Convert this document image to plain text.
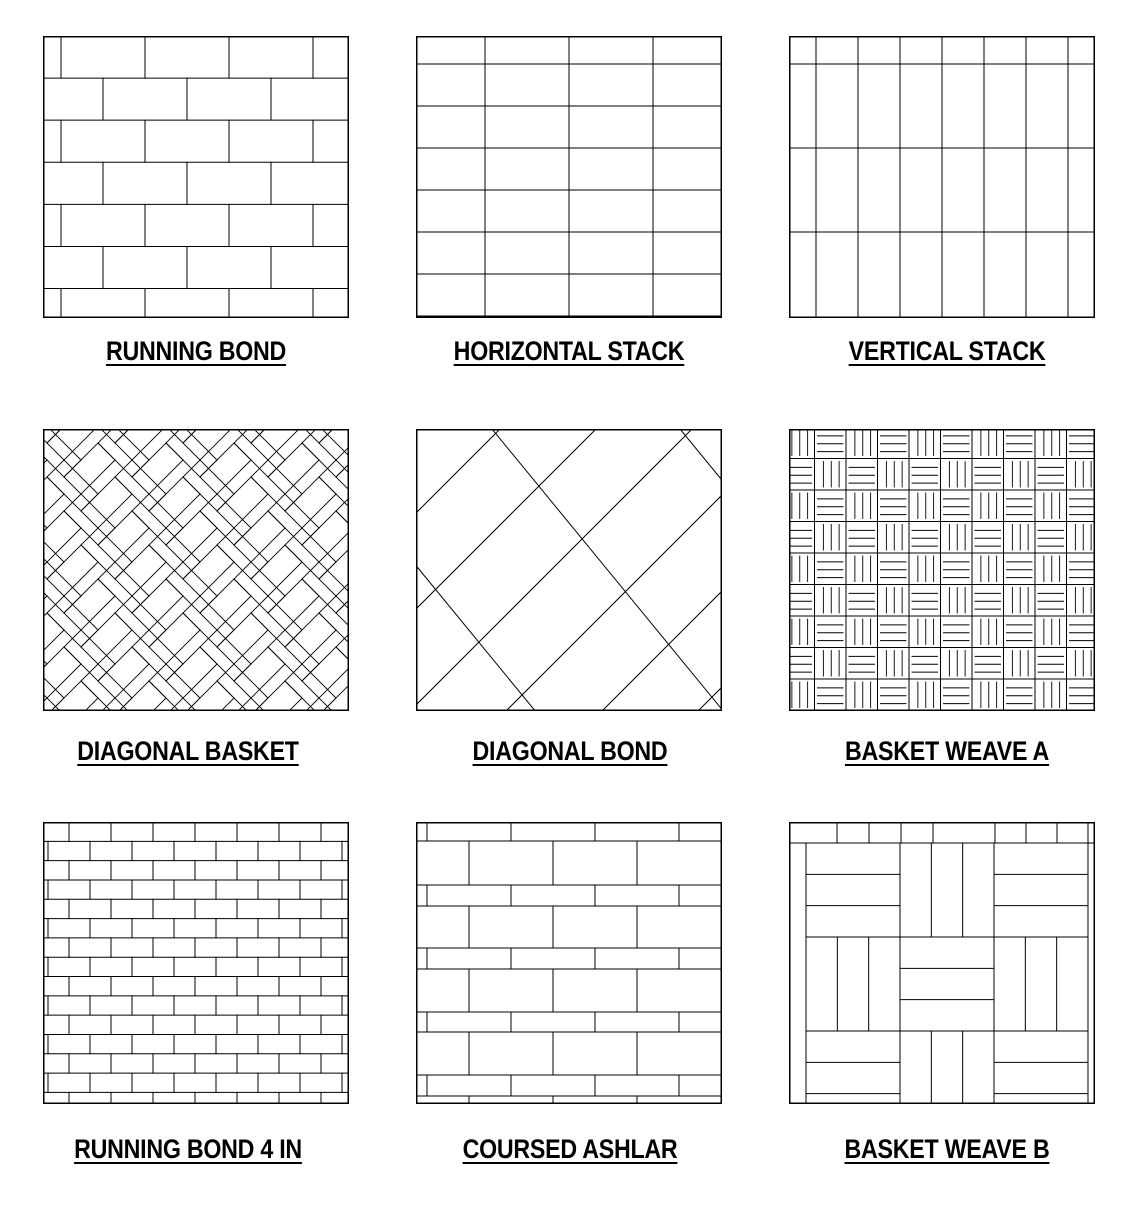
RUNNING BOND	HORIZONTAL STACK	VERTICAL STACK
DIAGONAL BASKET	DIAGONAL BOND	BASKET WEAVE A
RUNNING BOND 4 IN	COURSED ASHLAR	BASKET WEAVE B
